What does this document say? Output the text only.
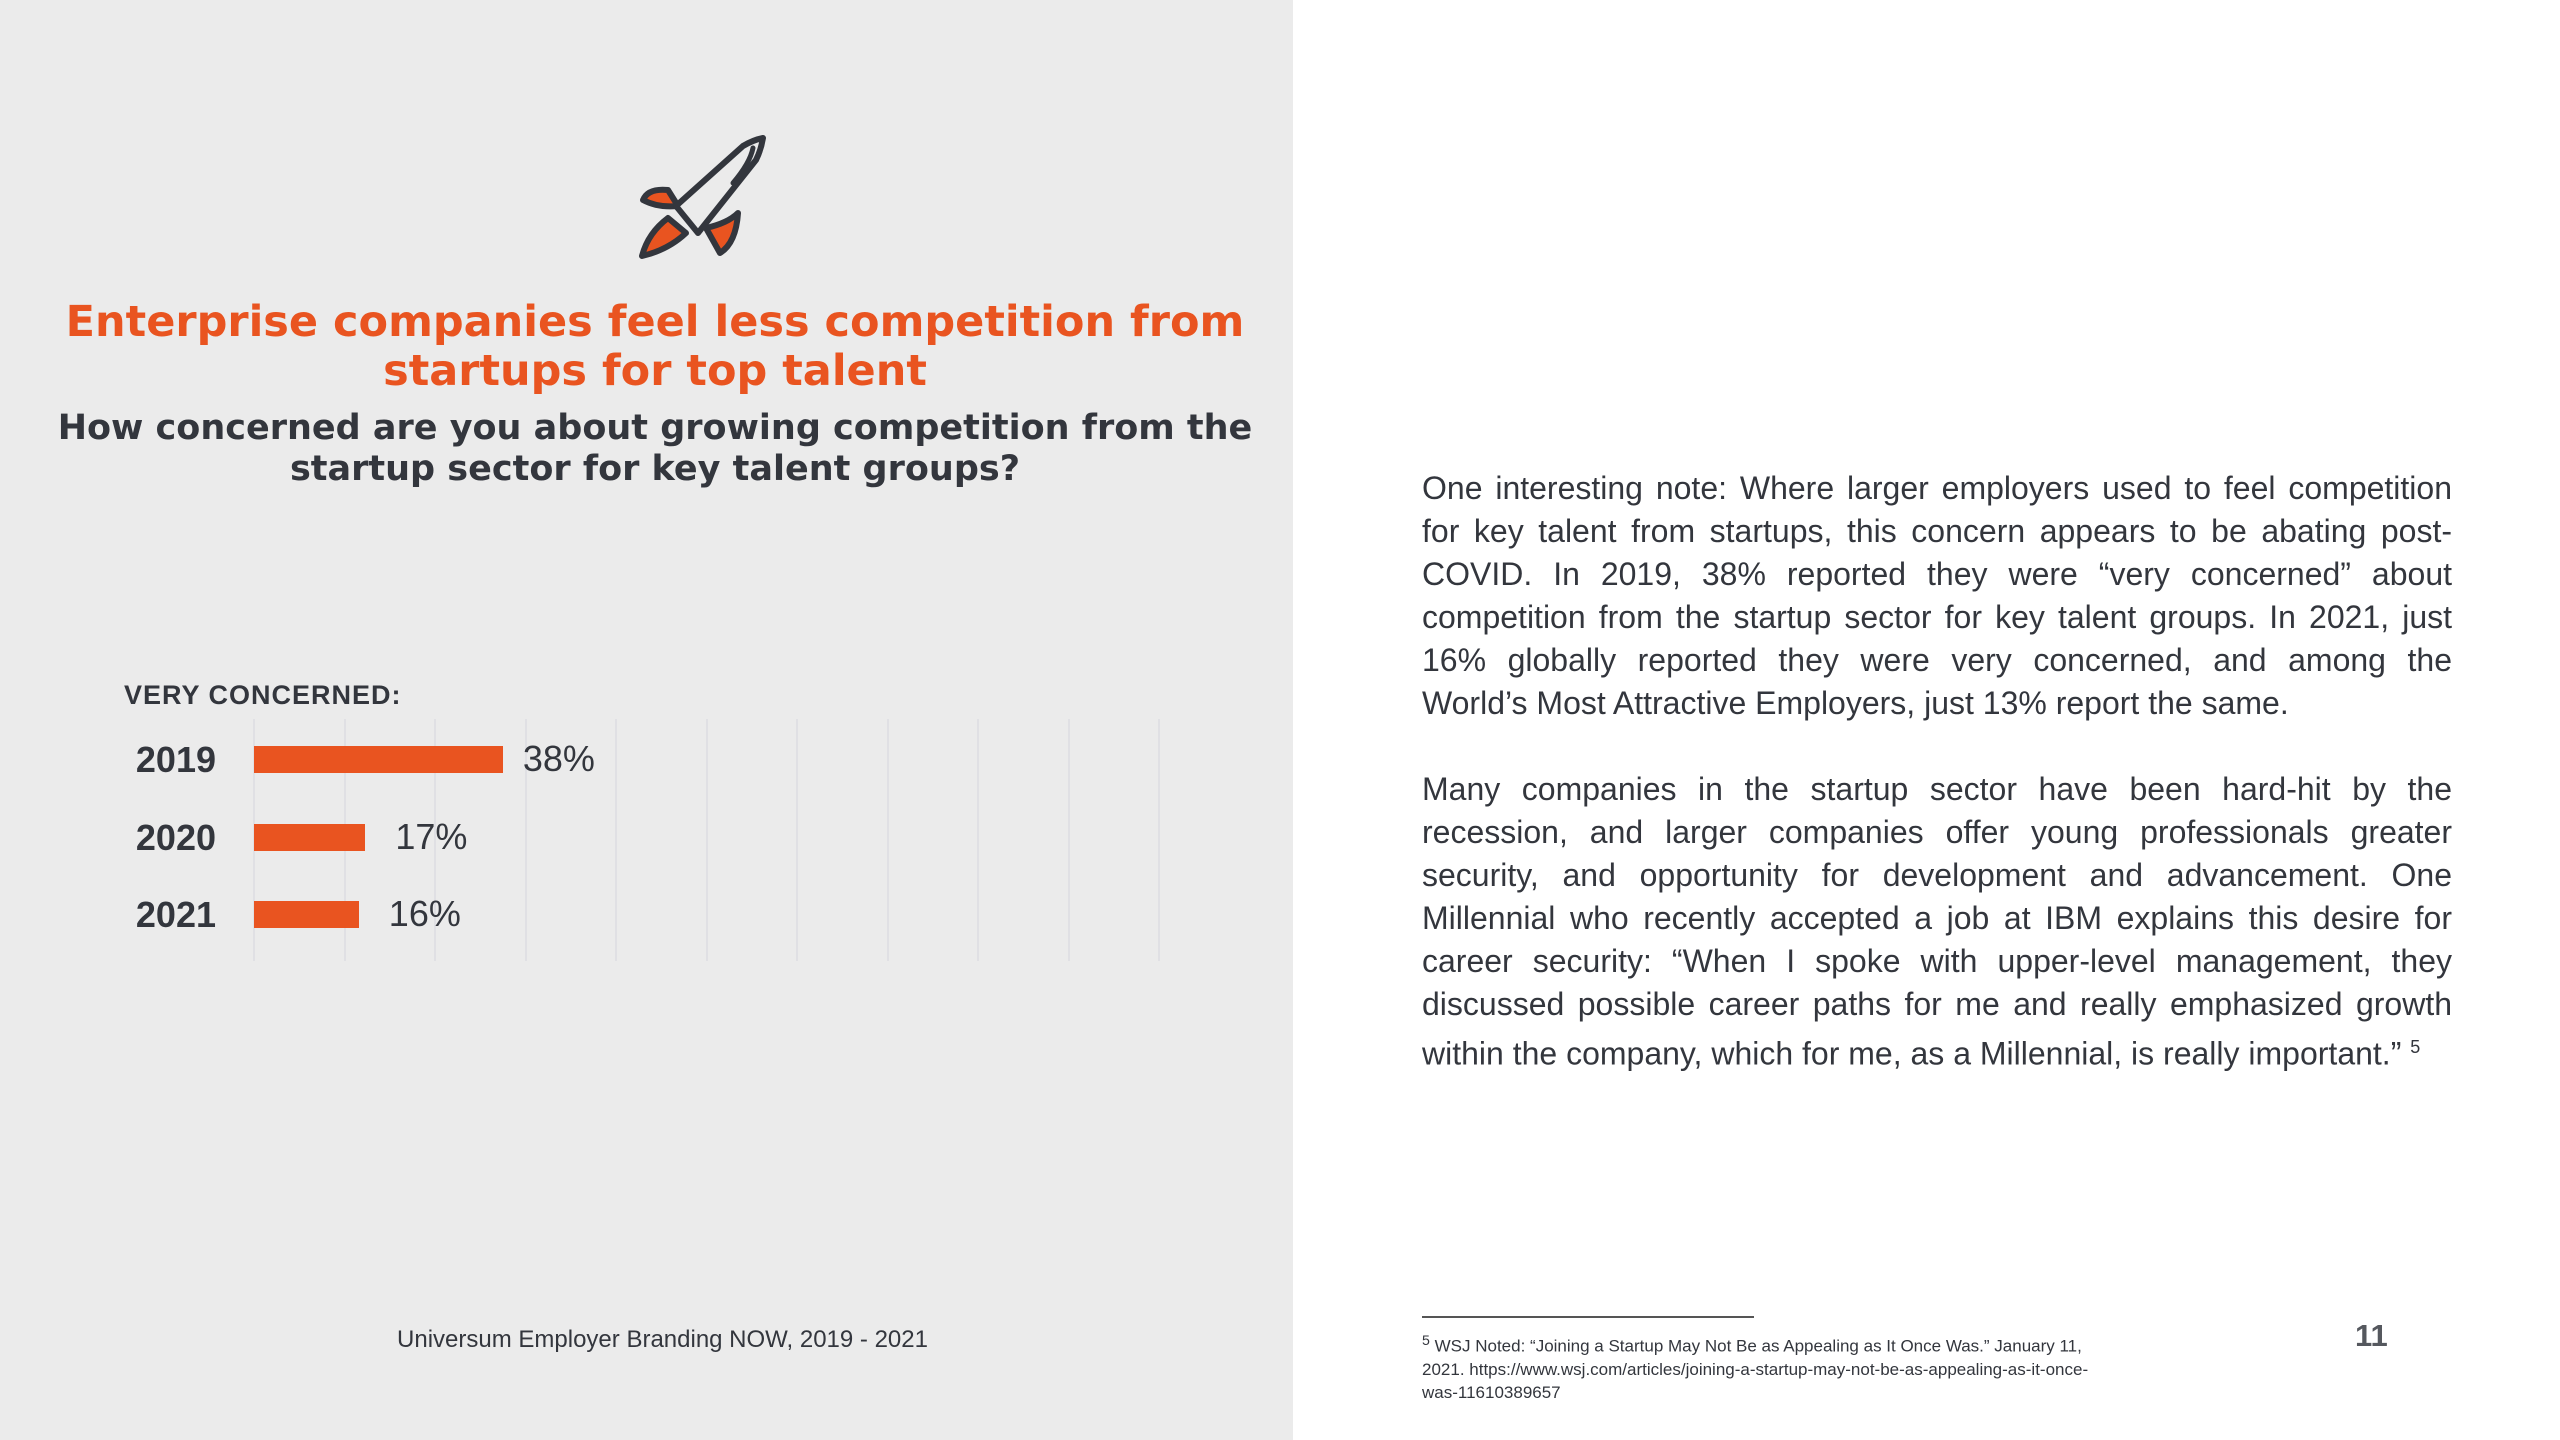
Enterprise companies feel less competition from startups for top talent
How concerned are you about growing competition from the startup sector for key talent groups?
VERY CONCERNED:
2019	38%
2020	17%
2021	16%
Universum Employer Branding NOW, 2019 - 2021

One interesting note: Where larger employers used to feel competition for key talent from startups, this concern appears to be abating post-COVID. In 2019, 38% reported they were “very concerned” about competition from the startup sector for key talent groups. In 2021, just 16% globally reported they were very concerned, and among the World’s Most Attractive Employers, just 13% report the same.

Many companies in the startup sector have been hard-hit by the recession, and larger companies offer young professionals greater security, and opportunity for development and advancement. One Millennial who recently accepted a job at IBM explains this desire for career security: “When I spoke with upper-level management, they discussed possible career paths for me and really emphasized growth within the company, which for me, as a Millennial, is really important.” $^5$

$^5$ WSJ Noted: “Joining a Startup May Not Be as Appealing as It Once Was.” January 11, 2021. https://www.wsj.com/articles/joining-a-startup-may-not-be-as-appealing-as-it-once-was-11610389657
11
